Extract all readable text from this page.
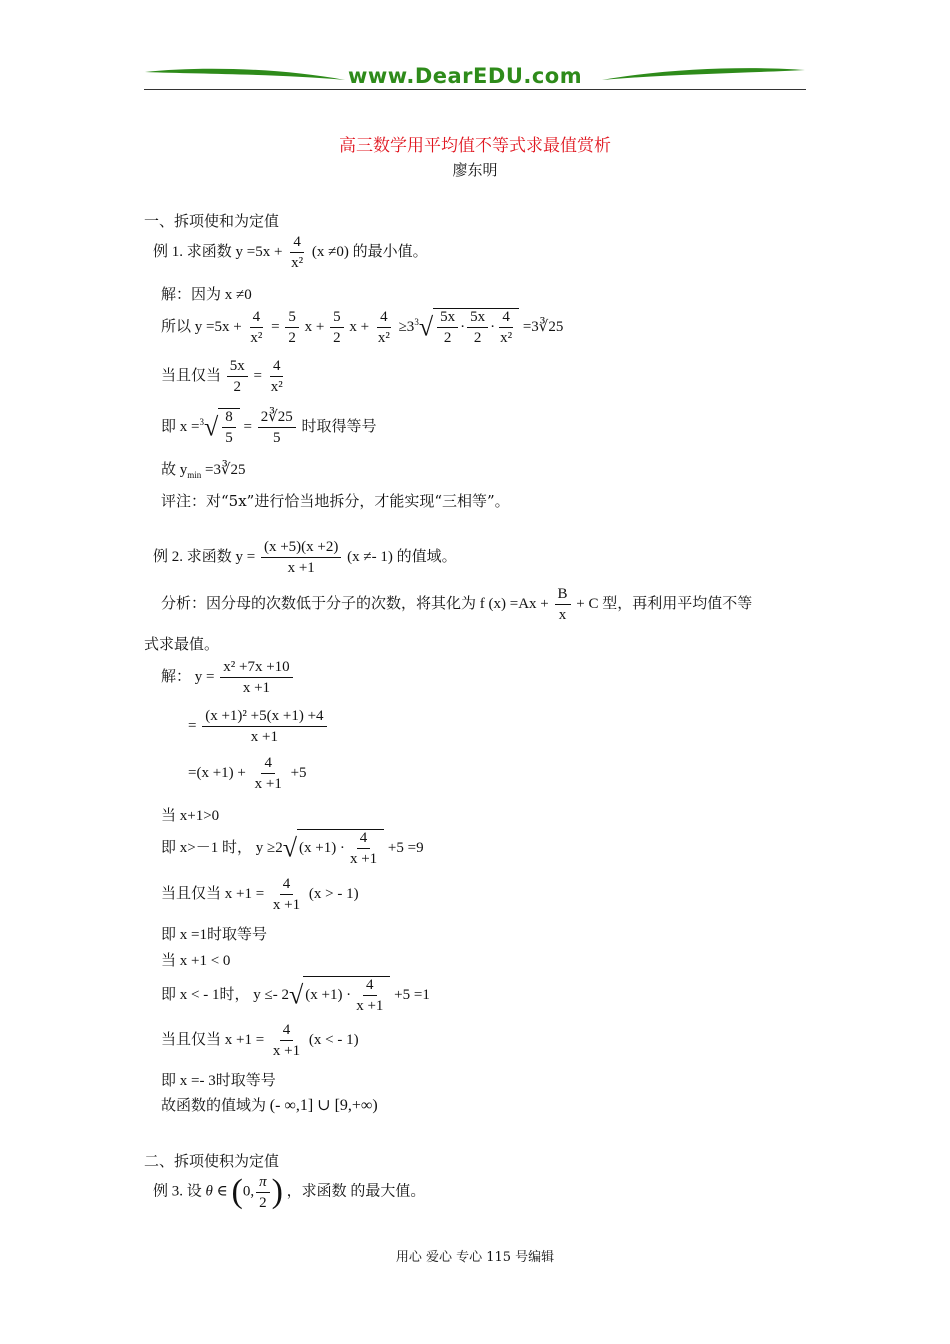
www.DearEDU.com
高三数学用平均值不等式求最值赏析
廖东明
一、拆项使和为定值
例 1. 求函数 $y =5x + \frac{4}{\text{x²}} (x \ne 0)$ 的最小值。
解：因为 x ≠0
所以 $y =5x + \frac{4}{\text{x²}} = \frac{5}{2}$ $x + \frac{5}{2}$ $x + \frac{4}{\text{x²}} \ge 3^3√ \frac{5x}{2} \cdot \frac{5x}{2} \cdot \frac{4}{\text{x²}}$ =3∛25
当且仅当 $\frac{5x}{2} = \frac{4}{\text{x²}}$
即 $x =^3√ \frac{8}{5} = \frac{2∛25}{5}$ 时取得等号
故 $y_{min}$ =3∛25
评注：对“5x”进行恰当地拆分，才能实现“三相等”。
例 2. 求函数 $y = \frac{(x +5)(x +2)}{x +1} (x \ne- 1)$ 的值域。
分析：因分母的次数低于分子的次数，将其化为 f $(x) =Ax + \frac{B}{x} + C$ 型，再利用平均值不等
式求最值。
解： $y = \frac{\text{x² +7x +10}}{x +1}$
= $\frac{\text{(x +1)² +5(x +1) +4}}{x +1}$
$=(x +1) + \frac{4}{x +1} +5$
当 x+1>0
即 x>－1 时， y ≥2√ $(x +1) \cdot \frac{4}{x +1} +5 =9$
当且仅当 $x +1 = \frac{4}{x +1} (x$ > - 1)
即 x =1时取等号
当 x +1 < 0
即 x < - 1时， y ≤- 2√ $(x +1) \cdot \frac{4}{x +1} +5 =1$
当且仅当 $x +1 = \frac{4}{x +1} (x$ < - 1)
即 x =- 3时取等号
故函数的值域为 (- ∞,1] ∪ [9,+∞)
二、拆项使积为定值
例 3. 设 θ ∈ (0, $\frac{\pi}{2}$ ) ，求函数 的最大值。
用心 爱心 专心 115 号编辑
